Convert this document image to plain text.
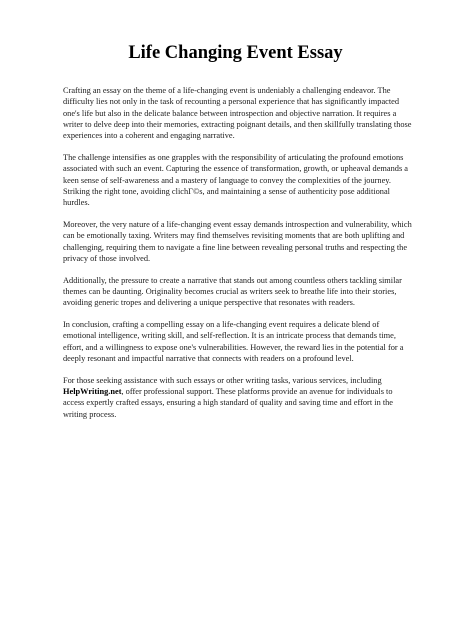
Life Changing Event Essay

Crafting an essay on the theme of a life-changing event is undeniably a challenging endeavor. The difficulty lies not only in the task of recounting a personal experience that has significantly impacted one's life but also in the delicate balance between introspection and objective narration. It requires a writer to delve deep into their memories, extracting poignant details, and then skillfully translating those experiences into a coherent and engaging narrative.

The challenge intensifies as one grapples with the responsibility of articulating the profound emotions associated with such an event. Capturing the essence of transformation, growth, or upheaval demands a keen sense of self-awareness and a mastery of language to convey the complexities of the journey. Striking the right tone, avoiding clichГ©s, and maintaining a sense of authenticity pose additional hurdles.

Moreover, the very nature of a life-changing event essay demands introspection and vulnerability, which can be emotionally taxing. Writers may find themselves revisiting moments that are both uplifting and challenging, requiring them to navigate a fine line between revealing personal truths and respecting the privacy of those involved.

Additionally, the pressure to create a narrative that stands out among countless others tackling similar themes can be daunting. Originality becomes crucial as writers seek to breathe life into their stories, avoiding generic tropes and delivering a unique perspective that resonates with readers.

In conclusion, crafting a compelling essay on a life-changing event requires a delicate blend of emotional intelligence, writing skill, and self-reflection. It is an intricate process that demands time, effort, and a willingness to expose one's vulnerabilities. However, the reward lies in the potential for a deeply resonant and impactful narrative that connects with readers on a profound level.

For those seeking assistance with such essays or other writing tasks, various services, including HelpWriting.net, offer professional support. These platforms provide an avenue for individuals to access expertly crafted essays, ensuring a high standard of quality and saving time and effort in the writing process.
